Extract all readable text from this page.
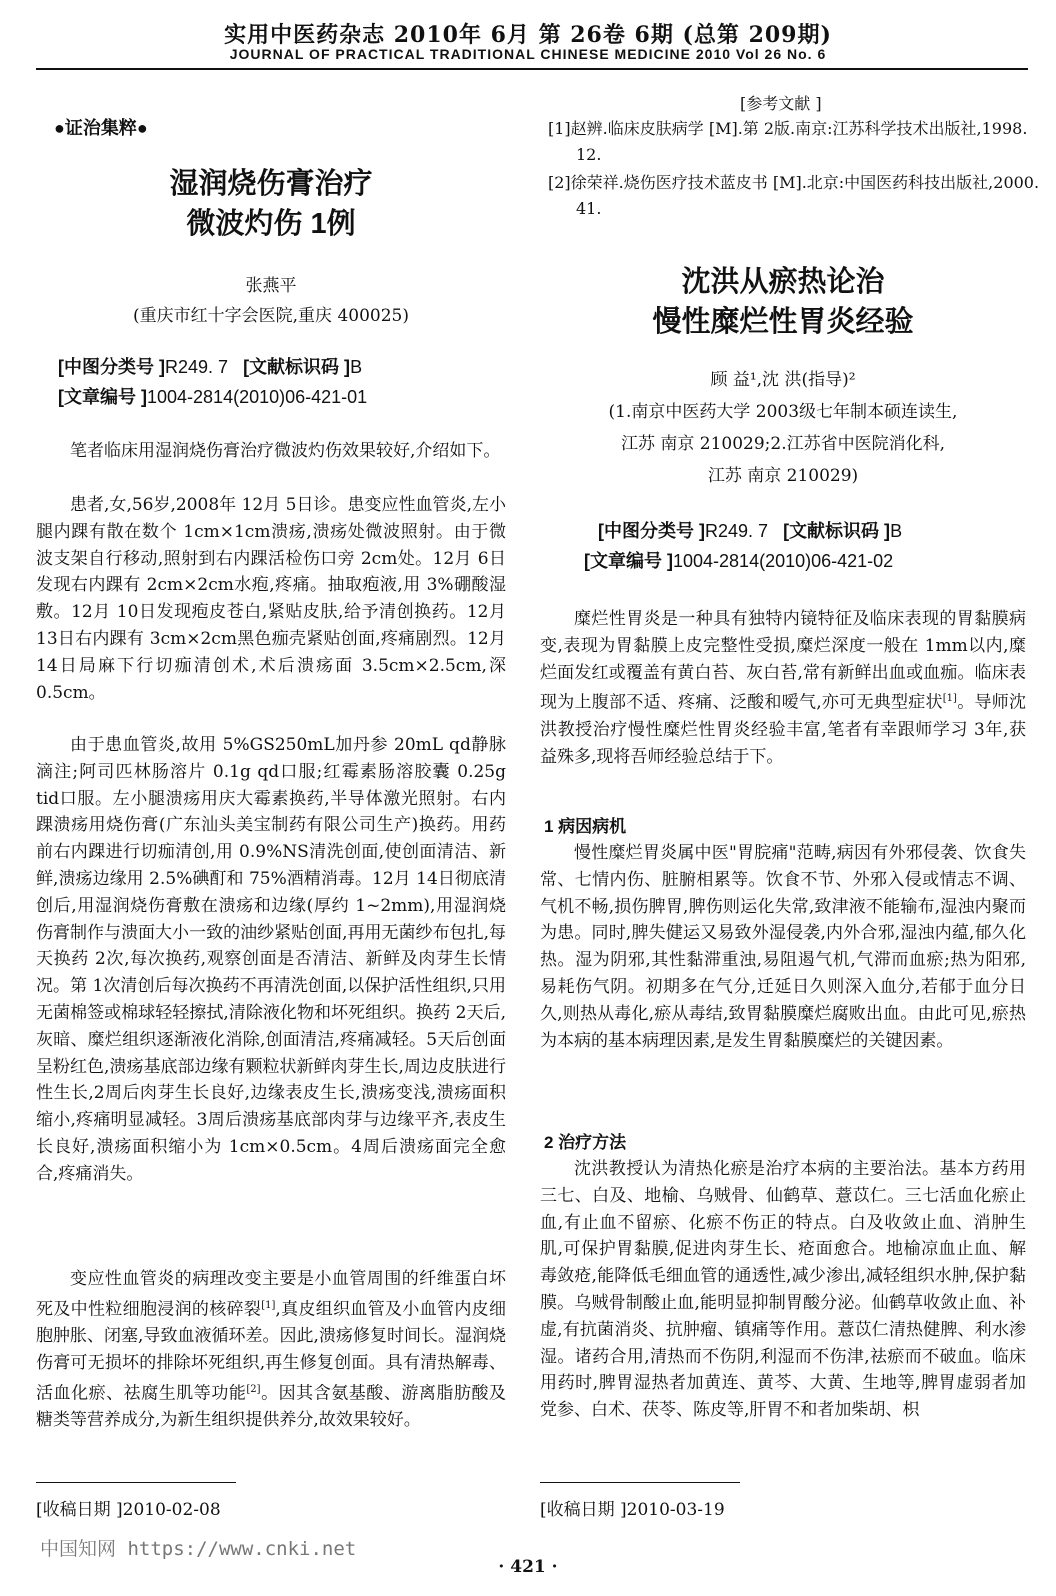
实用中医药杂志 2010年 6月 第 26卷 6期 (总第 209期)
JOURNAL OF PRACTICAL TRADITIONAL CHINESE MEDICINE 2010 Vol 26 No. 6
●证治集粹●
湿润烧伤膏治疗
微波灼伤 1例
张燕平
(重庆市红十字会医院,重庆 400025)
[中图分类号 ]R249. 7 [文献标识码 ]B
[文章编号 ]1004-2814(2010)06-421-01

笔者临床用湿润烧伤膏治疗微波灼伤效果较好,介绍如下。

患者,女,56岁,2008年 12月 5日诊。患变应性血管炎,左小腿内踝有散在数个 1cm×1cm溃疡,溃疡处微波照射。由于微波支架自行移动,照射到右内踝活检伤口旁 2cm处。12月 6日发现右内踝有 2cm×2cm水疱,疼痛。抽取疱液,用 3%硼酸湿敷。12月 10日发现疱皮苍白,紧贴皮肤,给予清创换药。12月 13日右内踝有 3cm×2cm黑色痂壳紧贴创面,疼痛剧烈。12月 14日局麻下行切痂清创术,术后溃疡面 3.5cm×2.5cm,深 0.5cm。

由于患血管炎,故用 5%GS250mL加丹参 20mL qd静脉滴注;阿司匹林肠溶片 0.1g qd口服;红霉素肠溶胶囊 0.25g tid口服。左小腿溃疡用庆大霉素换药,半导体激光照射。右内踝溃疡用烧伤膏(广东汕头美宝制药有限公司生产)换药。用药前右内踝进行切痂清创,用 0.9%NS清洗创面,使创面清洁、新鲜,溃疡边缘用 2.5%碘酊和 75%酒精消毒。12月 14日彻底清创后,用湿润烧伤膏敷在溃疡和边缘(厚约 1~2mm),用湿润烧伤膏制作与溃面大小一致的油纱紧贴创面,再用无菌纱布包扎,每天换药 2次,每次换药,观察创面是否清洁、新鲜及肉芽生长情况。第 1次清创后每次换药不再清洗创面,以保护活性组织,只用无菌棉签或棉球轻轻擦拭,清除液化物和坏死组织。换药 2天后,灰暗、糜烂组织逐渐液化消除,创面清洁,疼痛减轻。5天后创面呈粉红色,溃疡基底部边缘有颗粒状新鲜肉芽生长,周边皮肤进行性生长,2周后肉芽生长良好,边缘表皮生长,溃疡变浅,溃疡面积缩小,疼痛明显减轻。3周后溃疡基底部肉芽与边缘平齐,表皮生长良好,溃疡面积缩小为 1cm×0.5cm。4周后溃疡面完全愈合,疼痛消失。

变应性血管炎的病理改变主要是小血管周围的纤维蛋白坏死及中性粒细胞浸润的核碎裂[1],真皮组织血管及小血管内皮细胞肿胀、闭塞,导致血液循环差。因此,溃疡修复时间长。湿润烧伤膏可无损坏的排除坏死组织,再生修复创面。具有清热解毒、活血化瘀、祛腐生肌等功能[2]。因其含氨基酸、游离脂肪酸及糖类等营养成分,为新生组织提供养分,故效果较好。

[收稿日期 ]2010-02-08
[参考文献 ]
[1]赵辨.临床皮肤病学 [M].第 2版.南京:江苏科学技术出版社,1998. 12.
[2]徐荣祥.烧伤医疗技术蓝皮书 [M].北京:中国医药科技出版社,2000. 41.
沈洪从瘀热论治
慢性糜烂性胃炎经验
顾 益¹,沈 洪(指导)²
(1.南京中医药大学 2003级七年制本硕连读生,
江苏 南京 210029;2.江苏省中医院消化科,
江苏 南京 210029)
[中图分类号 ]R249. 7 [文献标识码 ]B
[文章编号 ]1004-2814(2010)06-421-02

糜烂性胃炎是一种具有独特内镜特征及临床表现的胃黏膜病变,表现为胃黏膜上皮完整性受损,糜烂深度一般在 1mm以内,糜烂面发红或覆盖有黄白苔、灰白苔,常有新鲜出血或血痂。临床表现为上腹部不适、疼痛、泛酸和嗳气,亦可无典型症状[1]。导师沈洪教授治疗慢性糜烂性胃炎经验丰富,笔者有幸跟师学习 3年,获益殊多,现将吾师经验总结于下。

1 病因病机

慢性糜烂胃炎属中医"胃脘痛"范畴,病因有外邪侵袭、饮食失常、七情内伤、脏腑相累等。饮食不节、外邪入侵或情志不调、气机不畅,损伤脾胃,脾伤则运化失常,致津液不能输布,湿浊内聚而为患。同时,脾失健运又易致外湿侵袭,内外合邪,湿浊内蕴,郁久化热。湿为阴邪,其性黏滞重浊,易阻遏气机,气滞而血瘀;热为阳邪,易耗伤气阴。初期多在气分,迁延日久则深入血分,若郁于血分日久,则热从毒化,瘀从毒结,致胃黏膜糜烂腐败出血。由此可见,瘀热为本病的基本病理因素,是发生胃黏膜糜烂的关键因素。

2 治疗方法

沈洪教授认为清热化瘀是治疗本病的主要治法。基本方药用三七、白及、地榆、乌贼骨、仙鹤草、薏苡仁。三七活血化瘀止血,有止血不留瘀、化瘀不伤正的特点。白及收敛止血、消肿生肌,可保护胃黏膜,促进肉芽生长、疮面愈合。地榆凉血止血、解毒敛疮,能降低毛细血管的通透性,减少渗出,减轻组织水肿,保护黏膜。乌贼骨制酸止血,能明显抑制胃酸分泌。仙鹤草收敛止血、补虚,有抗菌消炎、抗肿瘤、镇痛等作用。薏苡仁清热健脾、利水渗湿。诸药合用,清热而不伤阴,利湿而不伤津,祛瘀而不破血。临床用药时,脾胃湿热者加黄连、黄芩、大黄、生地等,脾胃虚弱者加党参、白术、茯苓、陈皮等,肝胃不和者加柴胡、枳

[收稿日期 ]2010-03-19
中国知网 https://www.cnki.net
· 421 ·
